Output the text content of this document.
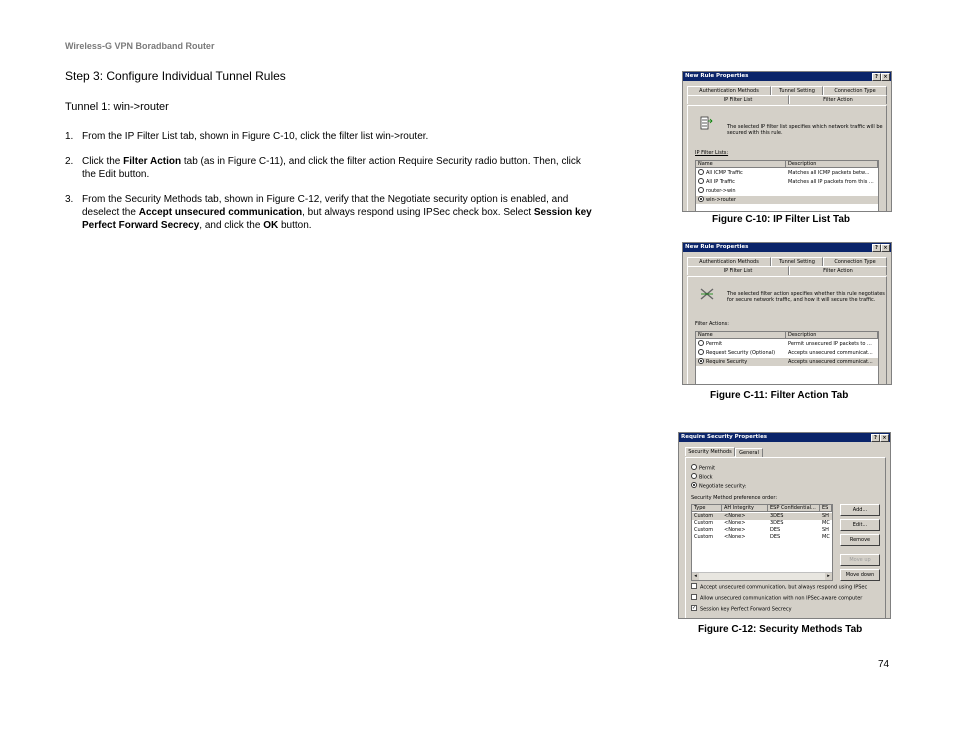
Wireless-G VPN Boradband Router
Step 3: Configure Individual Tunnel Rules
Tunnel 1: win->router
1. From the IP Filter List tab, shown in Figure C-10, click the filter list win->router.
2. Click the Filter Action tab (as in Figure C-11), and click the filter action Require Security radio button. Then, click the Edit button.
3. From the Security Methods tab, shown in Figure C-12, verify that the Negotiate security option is enabled, and deselect the Accept unsecured communication, but always respond using IPSec check box. Select Session key Perfect Forward Secrecy, and click the OK button.
New Rule Properties	?	×
Authentication Methods	Tunnel Setting	Connection Type
IP Filter List	Filter Action
The selected IP filter list specifies which network traffic will be secured with this rule.
IP Filter Lists:
Name	Description
All ICMP Traffic	Matches all ICMP packets betw...
All IP Traffic	Matches all IP packets from this ...
router->win
win->router
Figure C-10: IP Filter List Tab
New Rule Properties	?	×
Authentication Methods	Tunnel Setting	Connection Type
IP Filter List	Filter Action
The selected filter action specifies whether this rule negotiates for secure network traffic, and how it will secure the traffic.
Filter Actions:
Name	Description
Permit	Permit unsecured IP packets to ...
Request Security (Optional)	Accepts unsecured communicat...
Require Security	Accepts unsecured communicat...
Figure C-11: Filter Action Tab
Require Security Properties	?	×
Security Methods	General
Permit
Block
Negotiate security:
Security Method preference order:
Type	AH Integrity	ESP Confidential...	ES
Custom <None>	3DES	SH
Custom <None>	3DES	MC
Custom <None>	DES	SH
Custom <None>	DES	MC
◂	▸
Add...
Edit...
Remove
Move up
Move down
Accept unsecured communication, but always respond using IPSec
Allow unsecured communication with non IPSec-aware computer
✓ Session key Perfect Forward Secrecy
Figure C-12: Security Methods Tab
74
